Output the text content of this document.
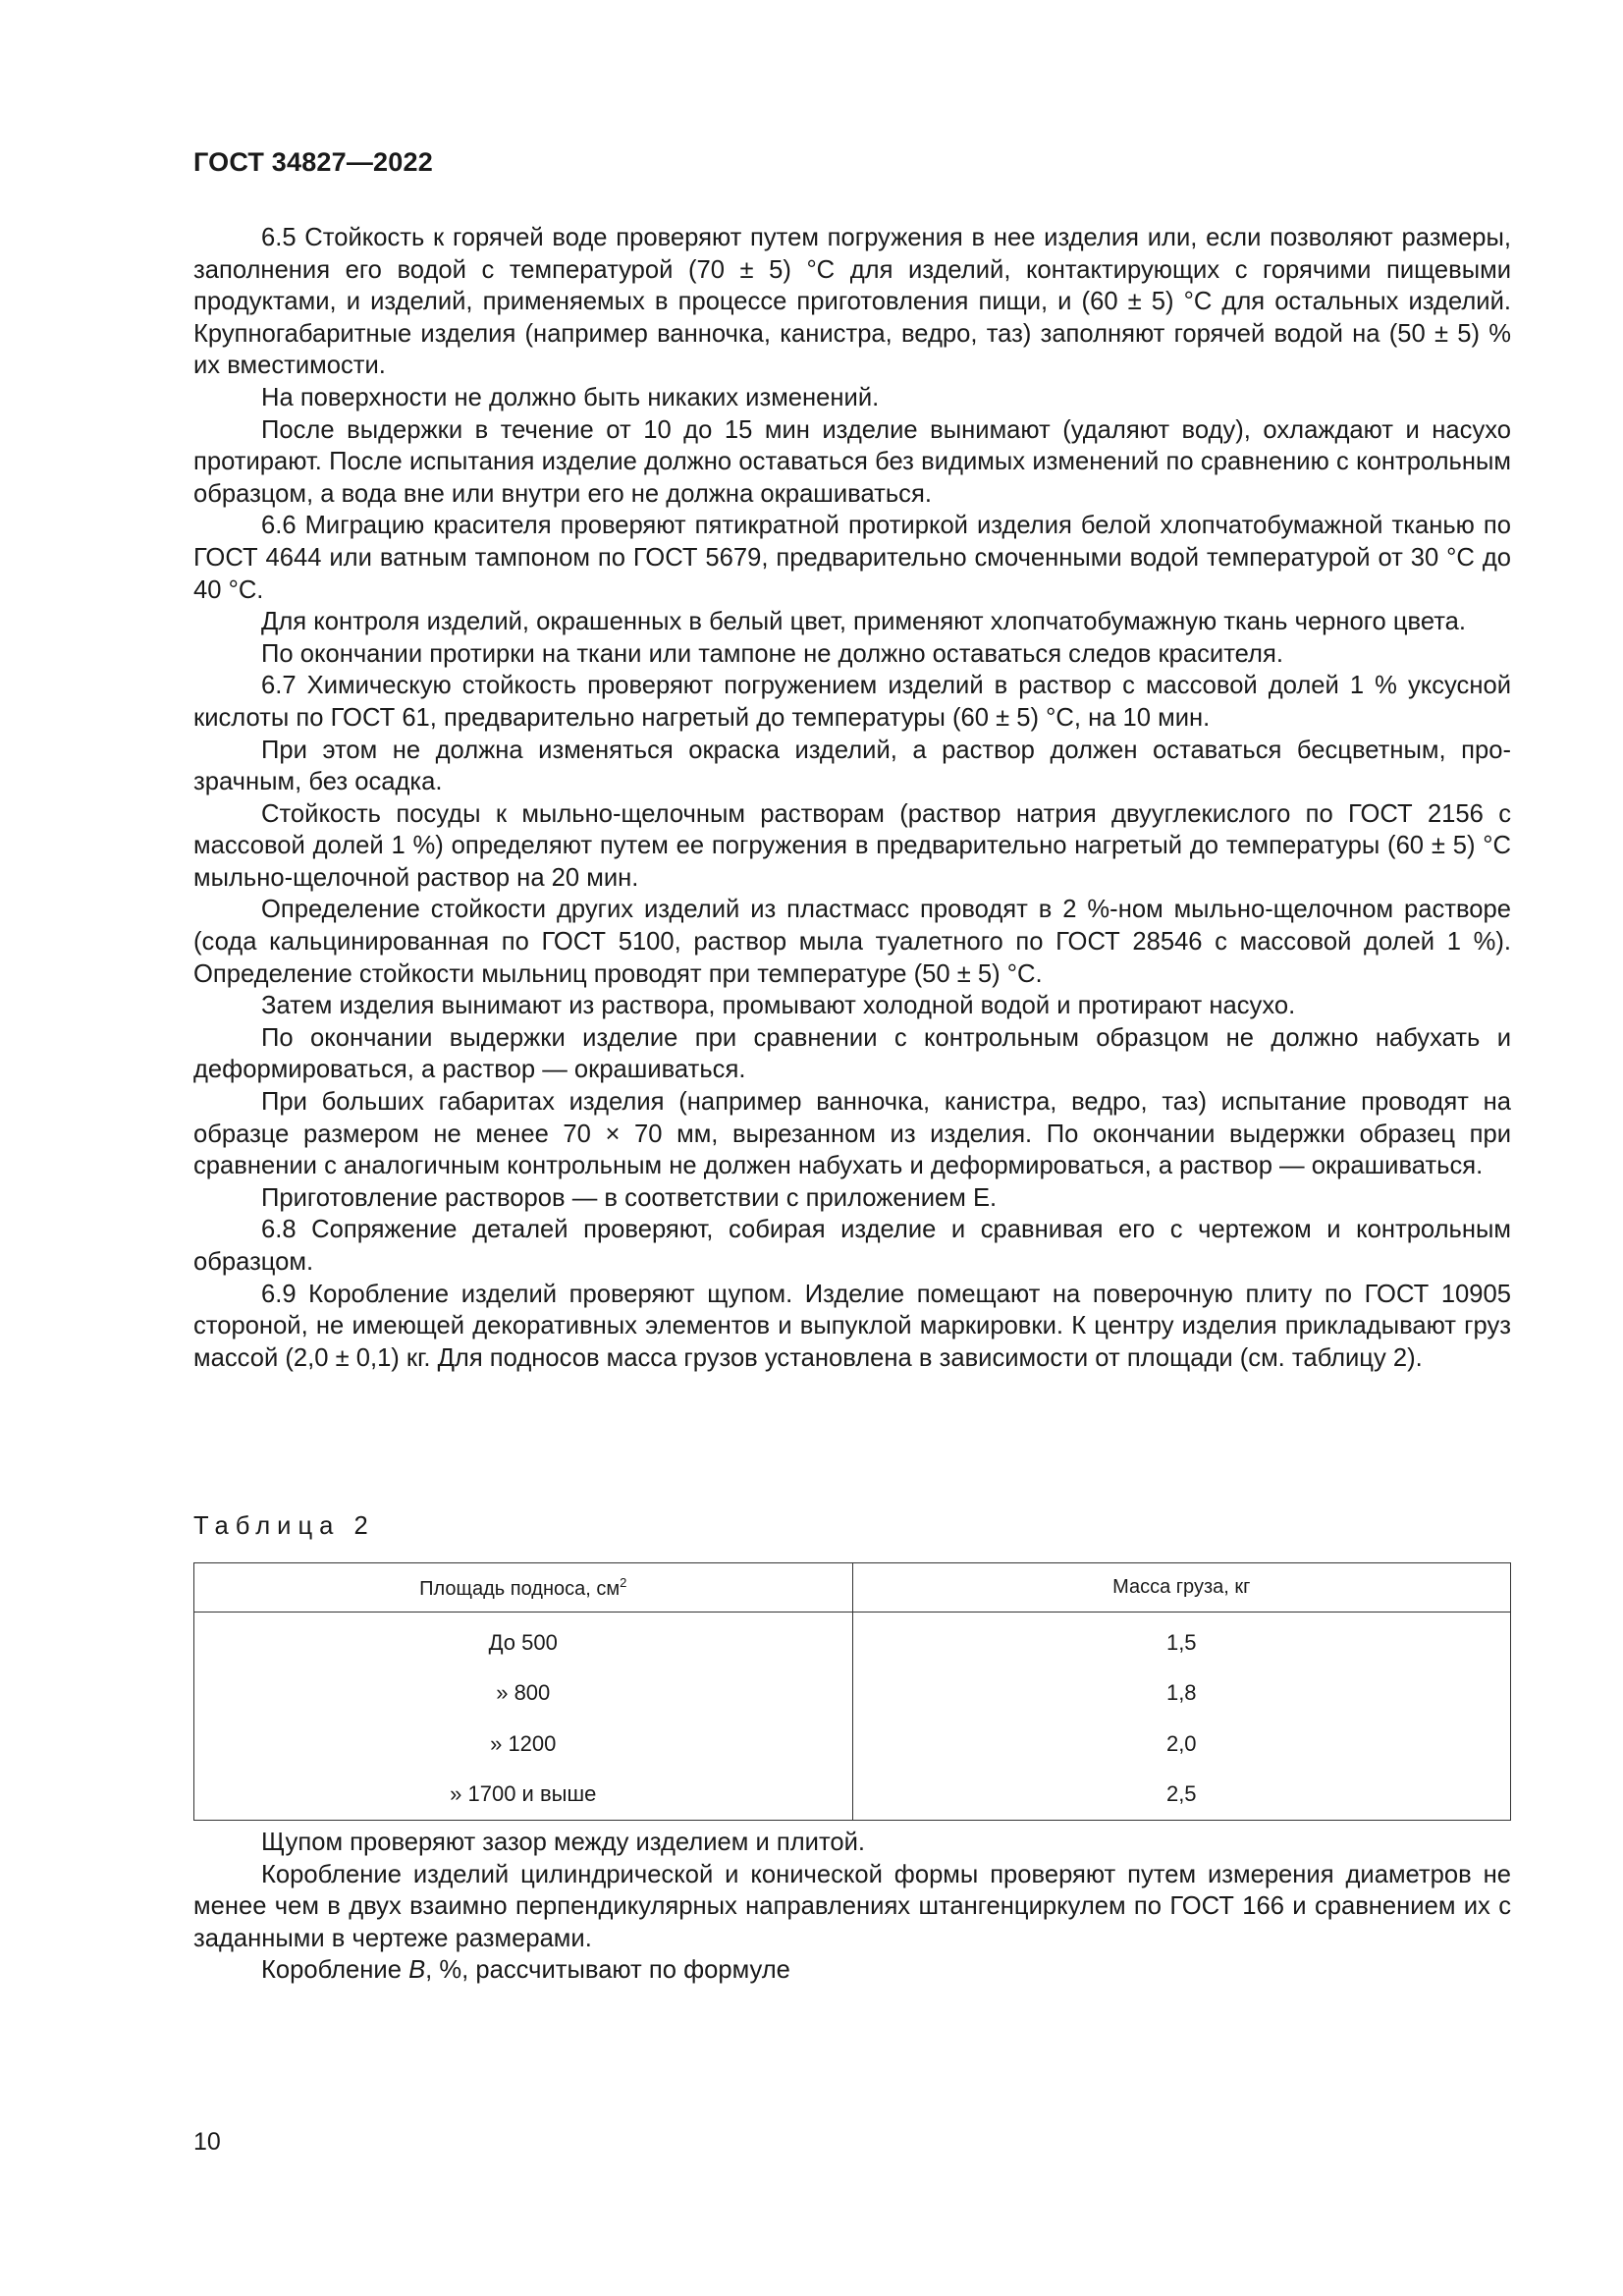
ГОСТ 34827—2022

6.5 Стойкость к горячей воде проверяют путем погружения в нее изделия или, если позволяют размеры, заполнения его водой с температурой (70 ± 5) °С для изделий, контактирующих с горячими пищевыми продуктами, и изделий, применяемых в процессе приготовления пищи, и (60 ± 5) °С для остальных изделий. Крупногабаритные изделия (например ванночка, канистра, ведро, таз) заполняют горячей водой на (50 ± 5) % их вместимости.

На поверхности не должно быть никаких изменений.

После выдержки в течение от 10 до 15 мин изделие вынимают (удаляют воду), охлаждают и насухо протирают. После испытания изделие должно оставаться без видимых изменений по сравнению с контрольным образцом, а вода вне или внутри его не должна окрашиваться.

6.6 Миграцию красителя проверяют пятикратной протиркой изделия белой хлопчатобумажной тканью по ГОСТ 4644 или ватным тампоном по ГОСТ 5679, предварительно смоченными водой температурой от 30 °С до 40 °С.

Для контроля изделий, окрашенных в белый цвет, применяют хлопчатобумажную ткань черного цвета.

По окончании протирки на ткани или тампоне не должно оставаться следов красителя.

6.7 Химическую стойкость проверяют погружением изделий в раствор с массовой долей 1 % уксусной кислоты по ГОСТ 61, предварительно нагретый до температуры (60 ± 5) °С, на 10 мин.

При этом не должна изменяться окраска изделий, а раствор должен оставаться бесцветным, прозрачным, без осадка.

Стойкость посуды к мыльно-щелочным растворам (раствор натрия двууглекислого по ГОСТ 2156 с массовой долей 1 %) определяют путем ее погружения в предварительно нагретый до температуры (60 ± 5) °С мыльно-щелочной раствор на 20 мин.

Определение стойкости других изделий из пластмасс проводят в 2 %-ном мыльно-щелочном растворе (сода кальцинированная по ГОСТ 5100, раствор мыла туалетного по ГОСТ 28546 с массовой долей 1 %). Определение стойкости мыльниц проводят при температуре (50 ± 5) °С.

Затем изделия вынимают из раствора, промывают холодной водой и протирают насухо.

По окончании выдержки изделие при сравнении с контрольным образцом не должно набухать и деформироваться, а раствор — окрашиваться.

При больших габаритах изделия (например ванночка, канистра, ведро, таз) испытание проводят на образце размером не менее 70 × 70 мм, вырезанном из изделия. По окончании выдержки образец при сравнении с аналогичным контрольным не должен набухать и деформироваться, а раствор — окрашиваться.

Приготовление растворов — в соответствии с приложением Е.

6.8 Сопряжение деталей проверяют, собирая изделие и сравнивая его с чертежом и контрольным образцом.

6.9 Коробление изделий проверяют щупом. Изделие помещают на поверочную плиту по ГОСТ 10905 стороной, не имеющей декоративных элементов и выпуклой маркировки. К центру изделия прикладывают груз массой (2,0 ± 0,1) кг. Для подносов масса грузов установлена в зависимости от площади (см. таблицу 2).

Таблица 2
Площадь подноса, $см^2$	Масса груза, кг
До 500	1,5
» 800	1,8
» 1200	2,0
» 1700 и выше	2,5

Щупом проверяют зазор между изделием и плитой.

Коробление изделий цилиндрической и конической формы проверяют путем измерения диаметров не менее чем в двух взаимно перпендикулярных направлениях штангенциркулем по ГОСТ 166 и сравнением их с заданными в чертеже размерами.

Коробление В, %, рассчитывают по формуле

10
